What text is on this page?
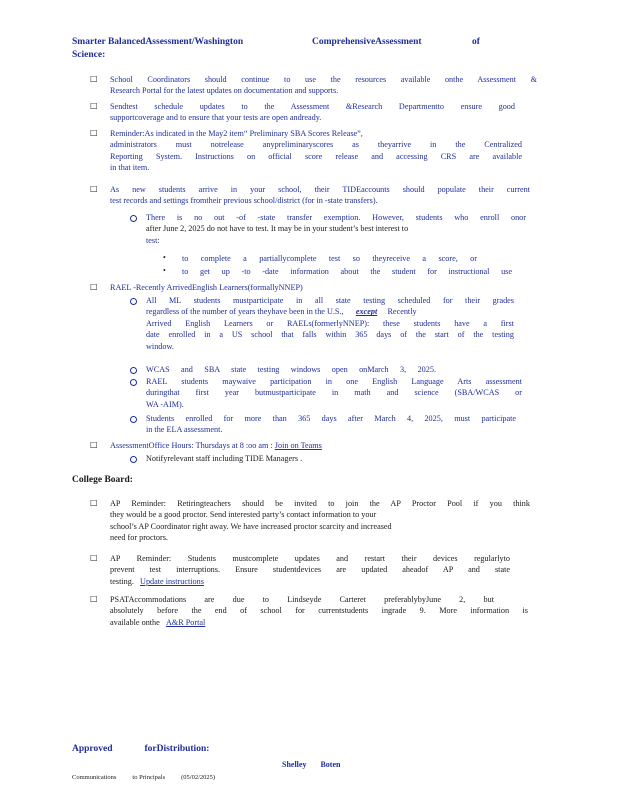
Smarter BalancedAssessment/Washington	ComprehensiveAssessment	of
Science:
□ School Coordinators should continue to use the resources available onthe Assessment &
Research Portal for the latest updates on documentation and supports.
□ Sendtest schedule updates to the Assessment &Research Departmentto ensure good
supportcoverage and to ensure that your tests are open andready.
□ Reminder:As indicated in the May2 item“ Preliminary SBA Scores Release”,
administrators must notrelease anypreliminaryscores as theyarrive in the Centralized
Reporting System. Instructions on official score release and accessing CRS are available
in that item.
□ As new students arrive in your school, their TIDEaccounts should populate their current
test records and settings fromtheir previous school/district (for in -state transfers).
There is no out -of -state transfer exemption. However, students who enroll onor
after June 2, 2025 do not have to test. It may be in your student’s best interest to
test:
• to complete a partiallycomplete test so theyreceive a score, or
• to get up -to -date information about the student for instructional use
□ RAEL -Recently ArrivedEnglish Learners(formallyNNEP)
All ML students mustparticipate in all state testing scheduled for their grades
regardless of the number of years theyhave been in the U.S., except Recently
Arrived English Learners or RAELs(formerlyNNEP): these students have a first
date enrolled in a US school that falls within 365 days of the start of the testing
window.
WCAS and SBA state testing windows open onMarch 3, 2025.
RAEL students maywaive participation in one English Language Arts assessment
duringthat first year butmustparticipate in math and science (SBA/WCAS or
WA -AIM).
Students enrolled for more than 365 days after March 4, 2025, must participate
in the ELA assessment.
□ AssessmentOffice Hours: Thursdays at 8 :oo am : Join on Teams
Notifyrelevant staff including TIDE Managers .
College Board:
□ AP Reminder: Retiringteachers should be invited to join the AP Proctor Pool if you think
they would be a good proctor. Send interested party’s contact information to your
school’s AP Coordinator right away. We have increased proctor scarcity and increased
need for proctors.
□ AP Reminder: Students mustcomplete updates and restart their devices regularlyto
prevent test interruptions. Ensure studentdevices are updated aheadof AP and state
testing. Update instructions
□ PSATAccommodations are due to Lindseyde Carteret preferablybyJune 2, but
absolutely before the end of school for currentstudents ingrade 9. More information is
available onthe A&R Portal
Approved	forDistribution:
Shelley Boten
Communications to Principals (05/02/2025)
